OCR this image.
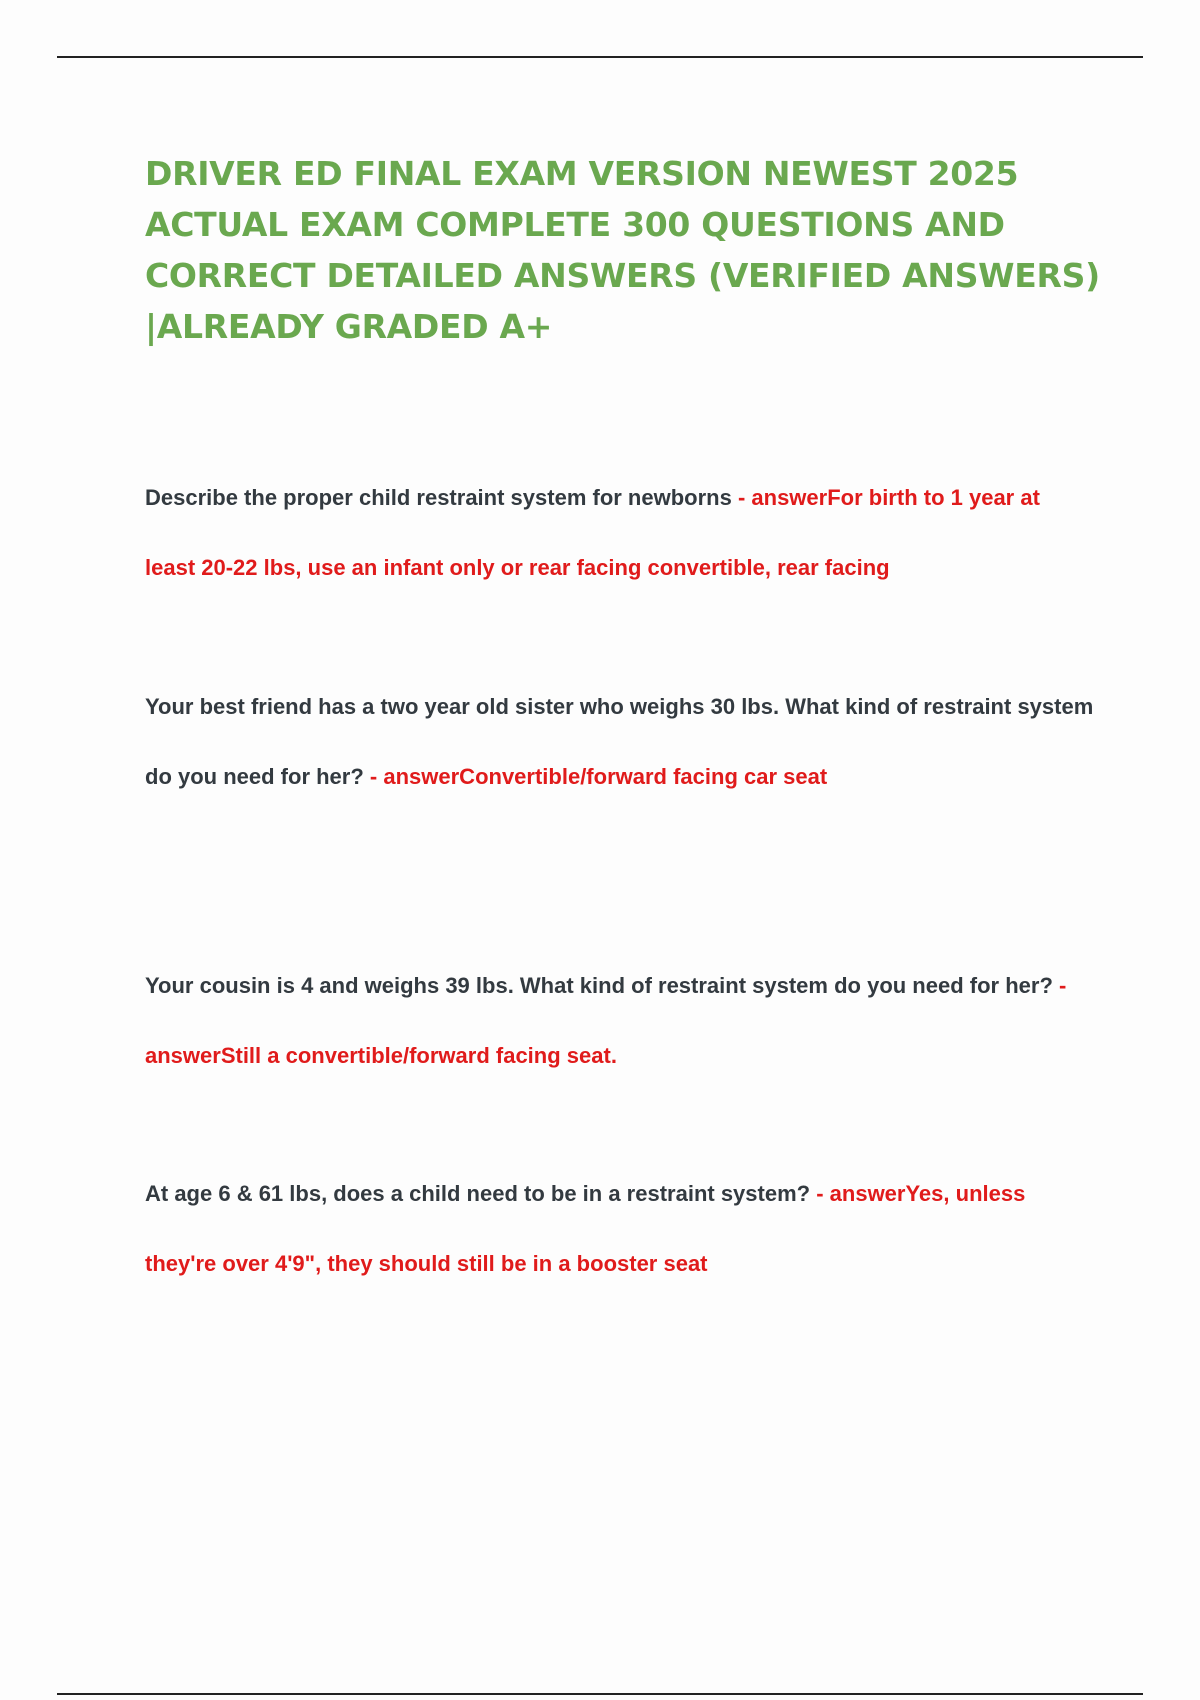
DRIVER ED FINAL EXAM VERSION NEWEST 2025 ACTUAL EXAM COMPLETE 300 QUESTIONS AND CORRECT DETAILED ANSWERS (VERIFIED ANSWERS) |ALREADY GRADED A+

Describe the proper child restraint system for newborns - answerFor birth to 1 year at least 20-22 lbs, use an infant only or rear facing convertible, rear facing

Your best friend has a two year old sister who weighs 30 lbs. What kind of restraint system do you need for her? - answerConvertible/forward facing car seat

Your cousin is 4 and weighs 39 lbs. What kind of restraint system do you need for her? - answerStill a convertible/forward facing seat.

At age 6 & 61 lbs, does a child need to be in a restraint system? - answerYes, unless they're over 4'9", they should still be in a booster seat
